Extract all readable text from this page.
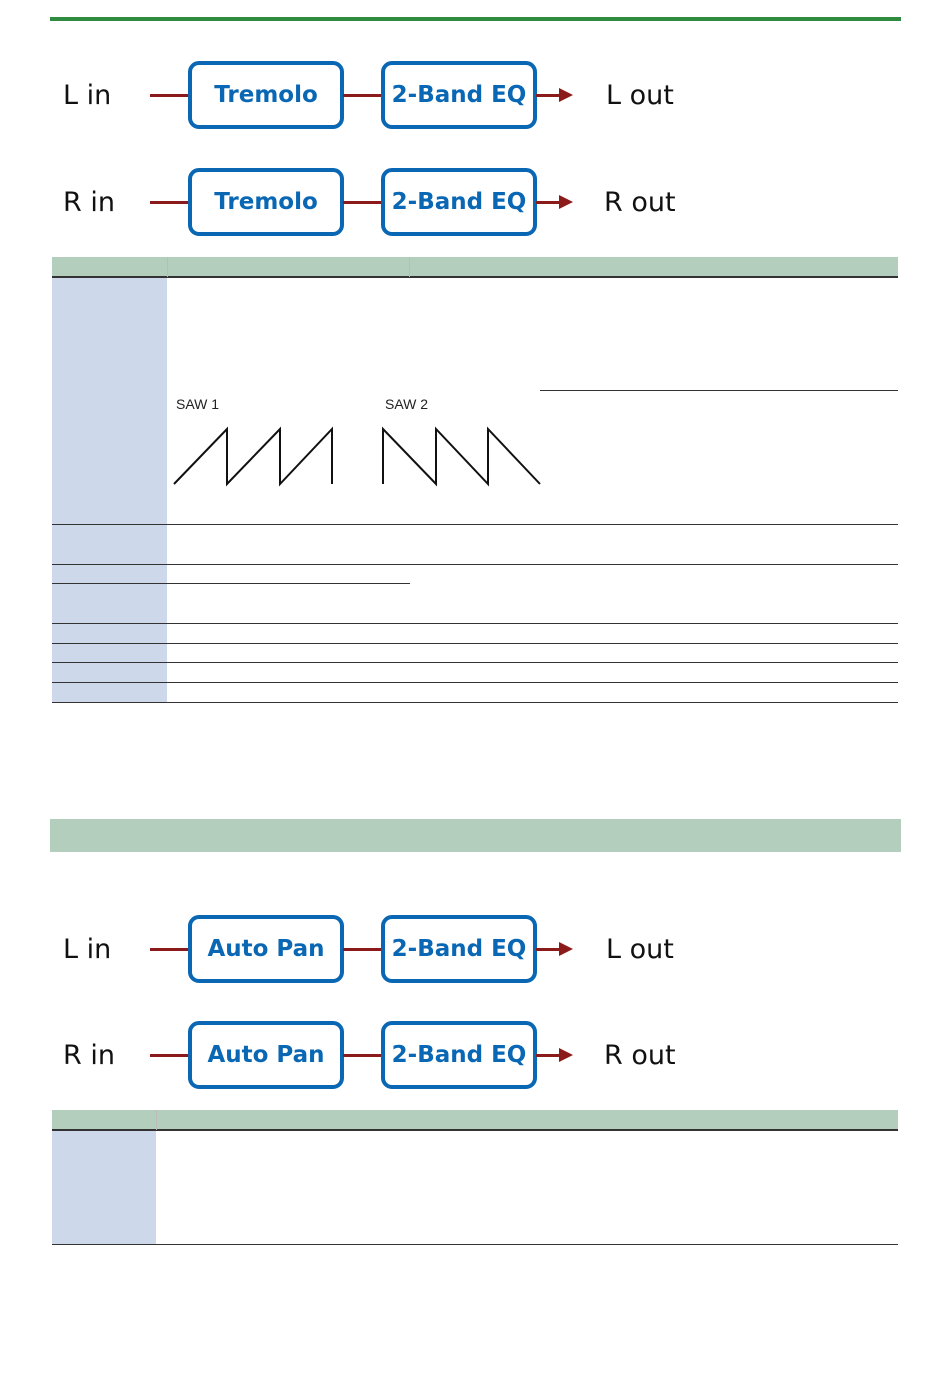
L in	Tremolo	2-Band EQ	L out
R in	Tremolo	2-Band EQ	R out
SAW 1	SAW 2
L in	Auto Pan	2-Band EQ	L out
R in	Auto Pan	2-Band EQ	R out
